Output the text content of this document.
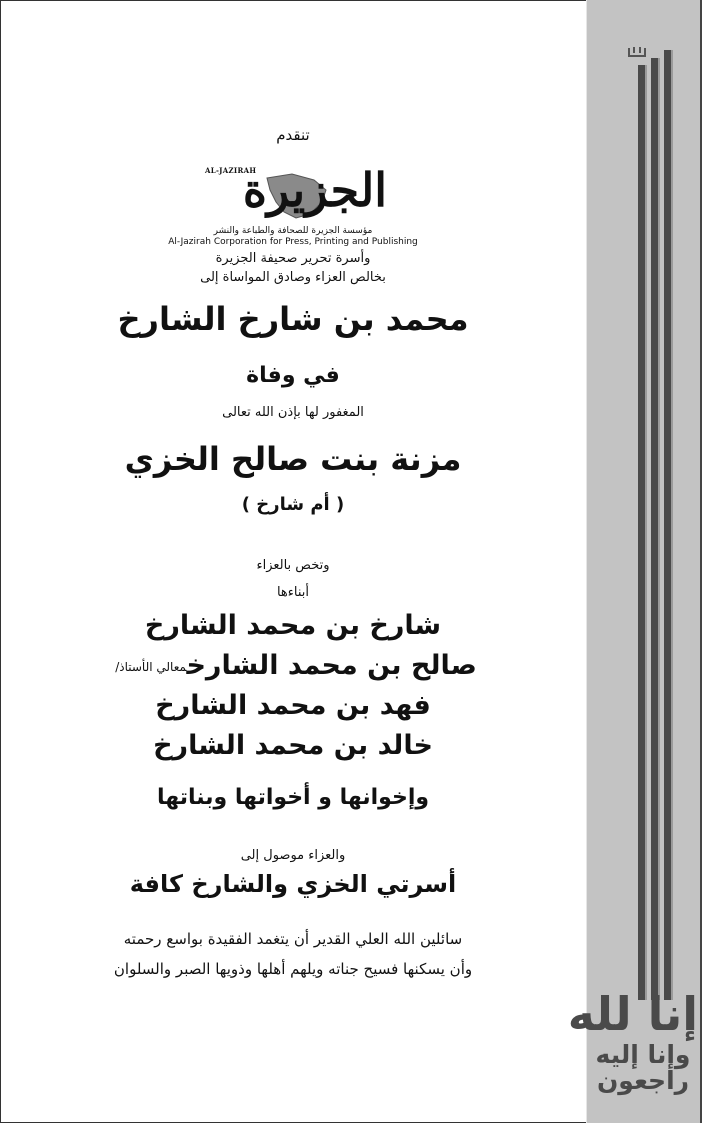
تنقدم
AL-JAZIRAH
الجزيرة
مؤسسة الجزيرة للصحافة والطباعة والنشر
Al-Jazirah Corporation for Press, Printing and Publishing
وأسرة تحرير صحيفة الجزيرة
بخالص العزاء وصادق المواساة إلى
محمد بن شارخ الشارخ
في وفاة
المغفور لها بإذن الله تعالى
مزنة بنت صالح الخزي
( أم شارخ )
وتخص بالعزاء
أبناءها
شارخ بن محمد الشارخ
صالح بن محمد الشارخمعالي الأستاذ/
فهد بن محمد الشارخ
خالد بن محمد الشارخ
وإخوانها و أخواتها وبناتها
والعزاء موصول إلى
أسرتي الخزي والشارخ كافة
سائلين الله العلي القدير أن يتغمد الفقيدة بواسع رحمته
وأن يسكنها فسيح جناته ويلهم أهلها وذويها الصبر والسلوان
إنا لله
وإنا إليه
راجعون
